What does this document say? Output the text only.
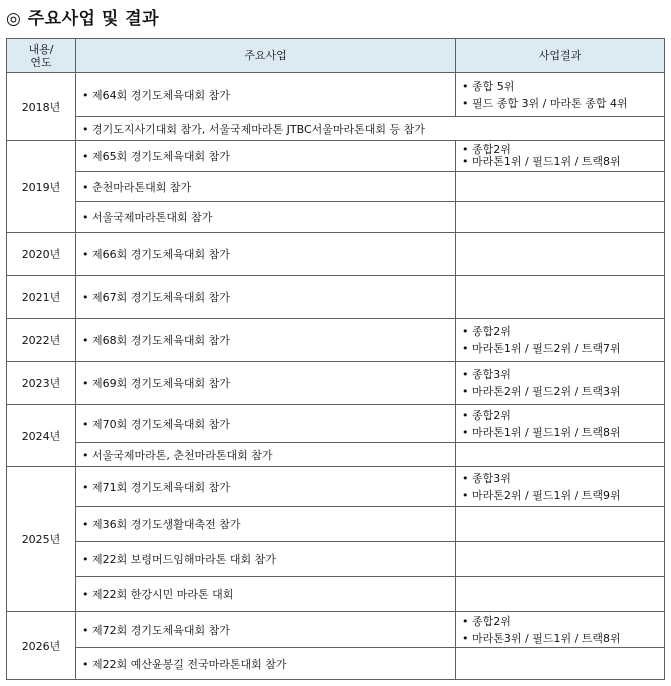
◎ 주요사업 및 결과
내용/
연도	주요사업	사업결과
2018년	• 제64회 경기도체육대회 참가	• 종합 5위
• 필드 종합 3위 / 마라톤 종합 4위

	• 경기도지사기대회 참가, 서울국제마라톤 JTBC서울마라톤대회 등 참가
2019년	• 제65회 경기도체육대회 참가	• 종합2위
• 마라톤1위 / 필드1위 / 트랙8위

	• 춘천마라톤대회 참가	
	• 서울국제마라톤대회 참가	
2020년	• 제66회 경기도체육대회 참가	
2021년	• 제67회 경기도체육대회 참가	
2022년	• 제68회 경기도체육대회 참가	• 종합2위
• 마라톤1위 / 필드2위 / 트랙7위

2023년	• 제69회 경기도체육대회 참가	• 종합3위
• 마라톤2위 / 필드2위 / 트랙3위

2024년	• 제70회 경기도체육대회 참가	• 종합2위
• 마라톤1위 / 필드1위 / 트랙8위

	• 서울국제마라톤, 춘천마라톤대회 참가	
2025년	• 제71회 경기도체육대회 참가	• 종합3위
• 마라톤2위 / 필드1위 / 트랙9위

	• 제36회 경기도생활대축전 참가	
	• 제22회 보령머드임해마라톤 대회 참가	
	• 제22회 한강시민 마라톤 대회	
2026년	• 제72회 경기도체육대회 참가	• 종합2위
• 마라톤3위 / 필드1위 / 트랙8위

	• 제22회 예산윤봉길 전국마라톤대회 참가	
